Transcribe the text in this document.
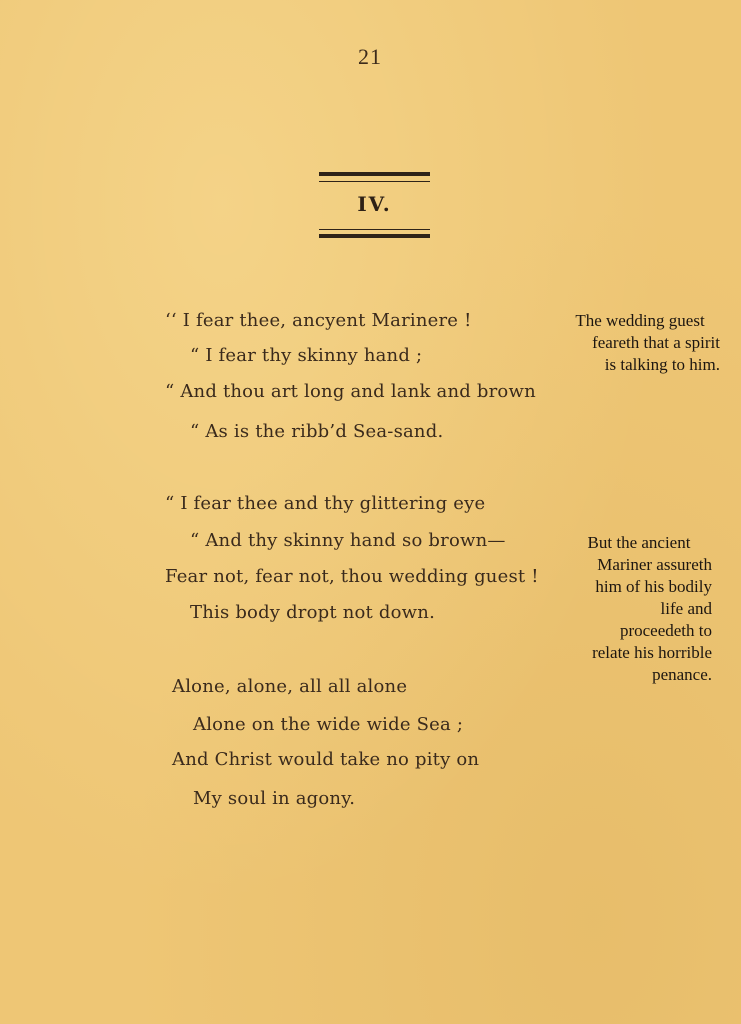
21
IV.
‘‘ I fear thee, ancyent Marinere !
“ I fear thy skinny hand ;
“ And thou art long and lank and brown
“ As is the ribb’d Sea-sand.
“ I fear thee and thy glittering eye
“ And thy skinny hand so brown—
Fear not, fear not, thou wedding guest !
This body dropt not down.
Alone, alone, all all alone
Alone on the wide wide Sea ;
And Christ would take no pity on
My soul in agony.
The wedding guest
feareth that a spirit
is talking to him.
But the ancient
Mariner assureth
him of his bodily
life and
proceedeth to
relate his horrible
penance.
